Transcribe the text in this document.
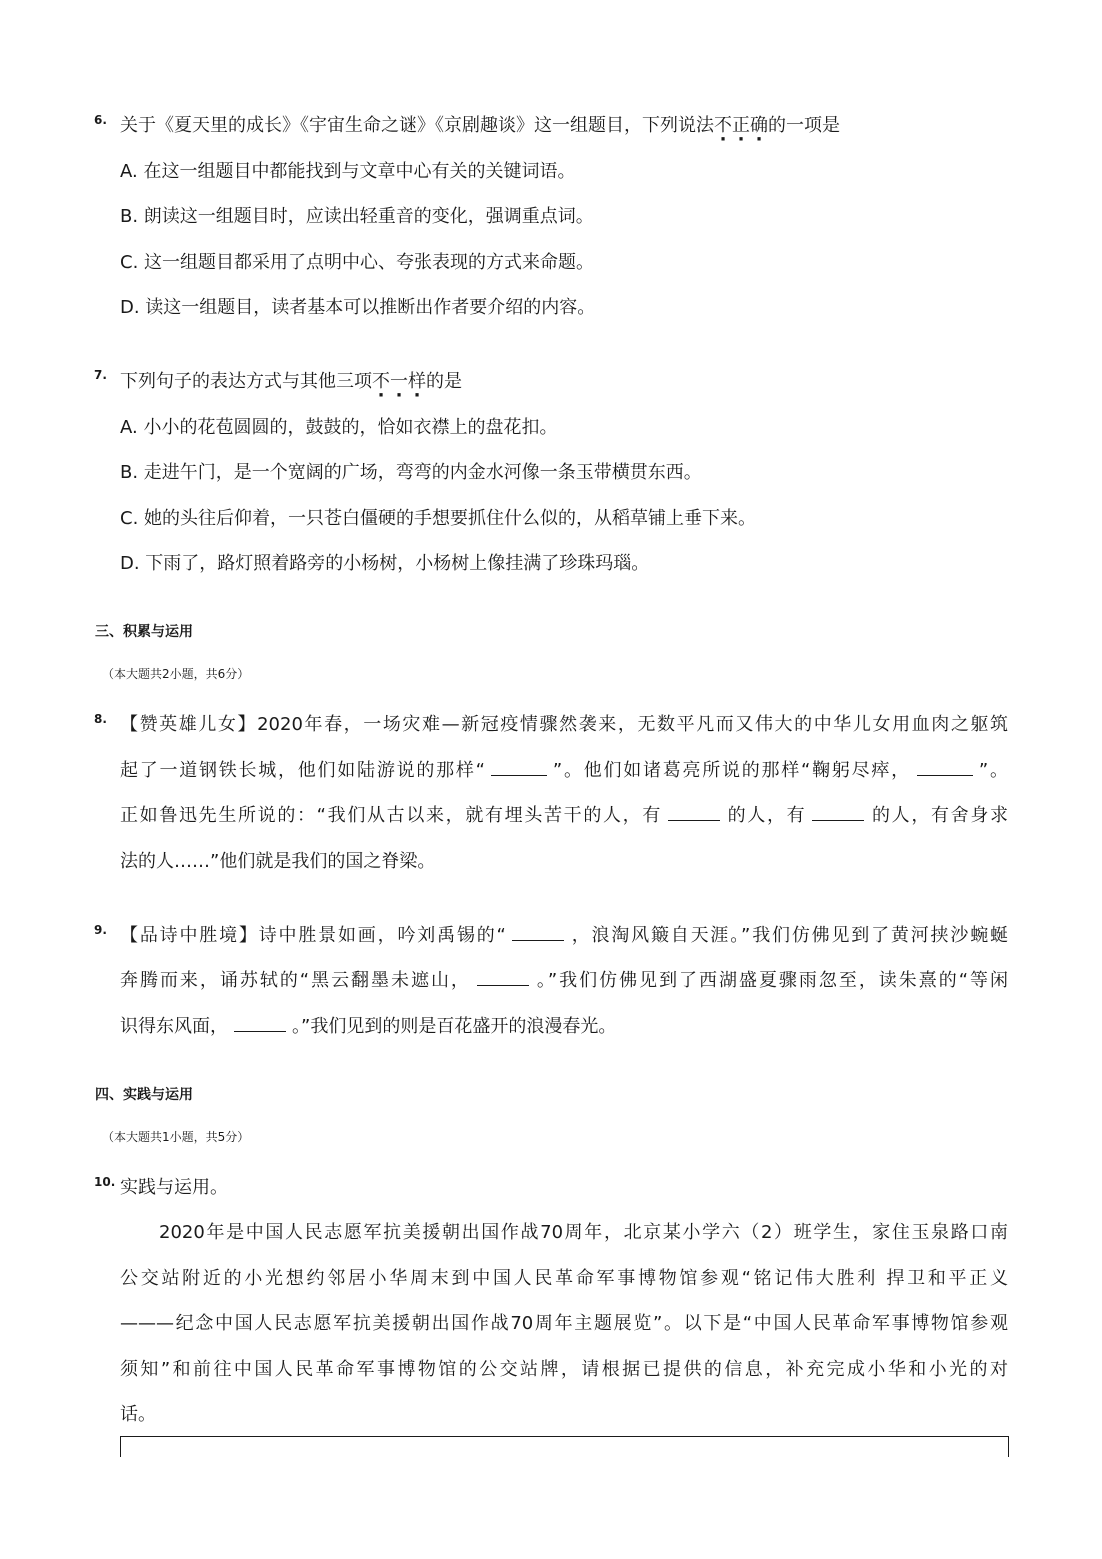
6. 关于《夏天里的成长》《宇宙生命之谜》《京剧趣谈》这一组题目，下列说法不正确的一项是
A. 在这一组题目中都能找到与文章中心有关的关键词语。
B. 朗读这一组题目时，应读出轻重音的变化，强调重点词。
C. 这一组题目都采用了点明中心、夸张表现的方式来命题。
D. 读这一组题目，读者基本可以推断出作者要介绍的内容。
7. 下列句子的表达方式与其他三项不一样的是
A. 小小的花苞圆圆的，鼓鼓的，恰如衣襟上的盘花扣。
B. 走进午门，是一个宽阔的广场，弯弯的内金水河像一条玉带横贯东西。
C. 她的头往后仰着，一只苍白僵硬的手想要抓住什么似的，从稻草铺上垂下来。
D. 下雨了，路灯照着路旁的小杨树，小杨树上像挂满了珍珠玛瑙。
三、积累与运用
（本大题共2小题，共6分）
8. 【赞英雄儿女】2020年春，一场灾难—新冠疫情骤然袭来，无数平凡而又伟大的中华儿女用血肉之躯筑
起了一道钢铁长城，他们如陆游说的那样“	”。他们如诸葛亮所说的那样“鞠躬尽瘁，	”。
正如鲁迅先生所说的：“我们从古以来，就有埋头苦干的人，有	的人，有	的人，有舍身求
法的人……”他们就是我们的国之脊梁。
9. 【品诗中胜境】诗中胜景如画，吟刘禹锡的“	，浪淘风簸自天涯。”我们仿佛见到了黄河挟沙蜿蜒
奔腾而来，诵苏轼的“黑云翻墨未遮山，	。”我们仿佛见到了西湖盛夏骤雨忽至，读朱熹的“等闲
识得东风面，	。”我们见到的则是百花盛开的浪漫春光。
四、实践与运用
（本大题共1小题，共5分）
10. 实践与运用。
2020年是中国人民志愿军抗美援朝出国作战70周年，北京某小学六（2）班学生，家住玉泉路口南
公交站附近的小光想约邻居小华周末到中国人民革命军事博物馆参观“铭记伟大胜利 捍卫和平正义
———纪念中国人民志愿军抗美援朝出国作战70周年主题展览”。以下是“中国人民革命军事博物馆参观
须知”和前往中国人民革命军事博物馆的公交站牌，请根据已提供的信息，补充完成小华和小光的对
话。
